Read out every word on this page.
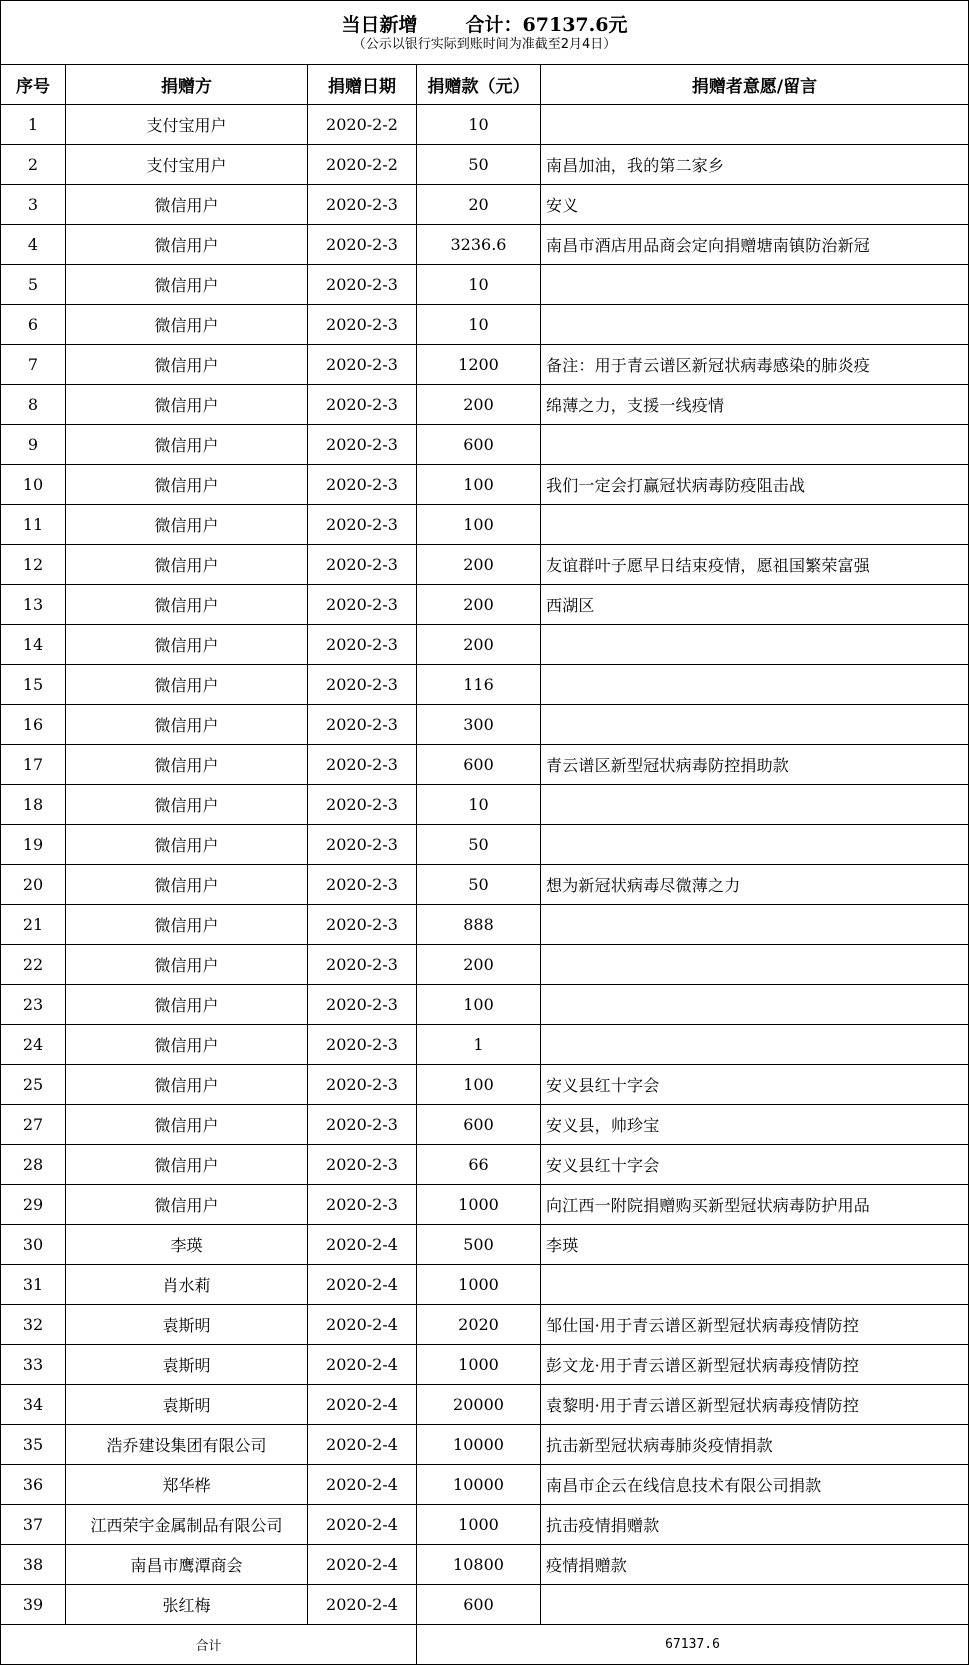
当日新增 合计：67137.6元
（公示以银行实际到账时间为准截至2月4日）				

序号	捐赠方	捐赠日期	捐赠款（元）	捐赠者意愿/留言
1	支付宝用户	2020-2-2	10	
2	支付宝用户	2020-2-2	50	南昌加油，我的第二家乡
3	微信用户	2020-2-3	20	安义
4	微信用户	2020-2-3	3236.6	南昌市酒店用品商会定向捐赠塘南镇防治新冠
5	微信用户	2020-2-3	10	
6	微信用户	2020-2-3	10	
7	微信用户	2020-2-3	1200	备注：用于青云谱区新冠状病毒感染的肺炎疫
8	微信用户	2020-2-3	200	绵薄之力，支援一线疫情
9	微信用户	2020-2-3	600	
10	微信用户	2020-2-3	100	我们一定会打赢冠状病毒防疫阻击战
11	微信用户	2020-2-3	100	
12	微信用户	2020-2-3	200	友谊群叶子愿早日结束疫情，愿祖国繁荣富强
13	微信用户	2020-2-3	200	西湖区
14	微信用户	2020-2-3	200	
15	微信用户	2020-2-3	116	
16	微信用户	2020-2-3	300	
17	微信用户	2020-2-3	600	青云谱区新型冠状病毒防控捐助款
18	微信用户	2020-2-3	10	
19	微信用户	2020-2-3	50	
20	微信用户	2020-2-3	50	想为新冠状病毒尽微薄之力
21	微信用户	2020-2-3	888	
22	微信用户	2020-2-3	200	
23	微信用户	2020-2-3	100	
24	微信用户	2020-2-3	1	
25	微信用户	2020-2-3	100	安义县红十字会
27	微信用户	2020-2-3	600	安义县，帅珍宝
28	微信用户	2020-2-3	66	安义县红十字会
29	微信用户	2020-2-3	1000	向江西一附院捐赠购买新型冠状病毒防护用品
30	李瑛	2020-2-4	500	李瑛
31	肖水莉	2020-2-4	1000	
32	袁斯明	2020-2-4	2020	邹仕国·用于青云谱区新型冠状病毒疫情防控
33	袁斯明	2020-2-4	1000	彭文龙·用于青云谱区新型冠状病毒疫情防控
34	袁斯明	2020-2-4	20000	袁黎明·用于青云谱区新型冠状病毒疫情防控
35	浩乔建设集团有限公司	2020-2-4	10000	抗击新型冠状病毒肺炎疫情捐款
36	郑华桦	2020-2-4	10000	南昌市企云在线信息技术有限公司捐款
37	江西荣宇金属制品有限公司	2020-2-4	1000	抗击疫情捐赠款
38	南昌市鹰潭商会	2020-2-4	10800	疫情捐赠款
39	张红梅	2020-2-4	600	
合计			67137.6	
